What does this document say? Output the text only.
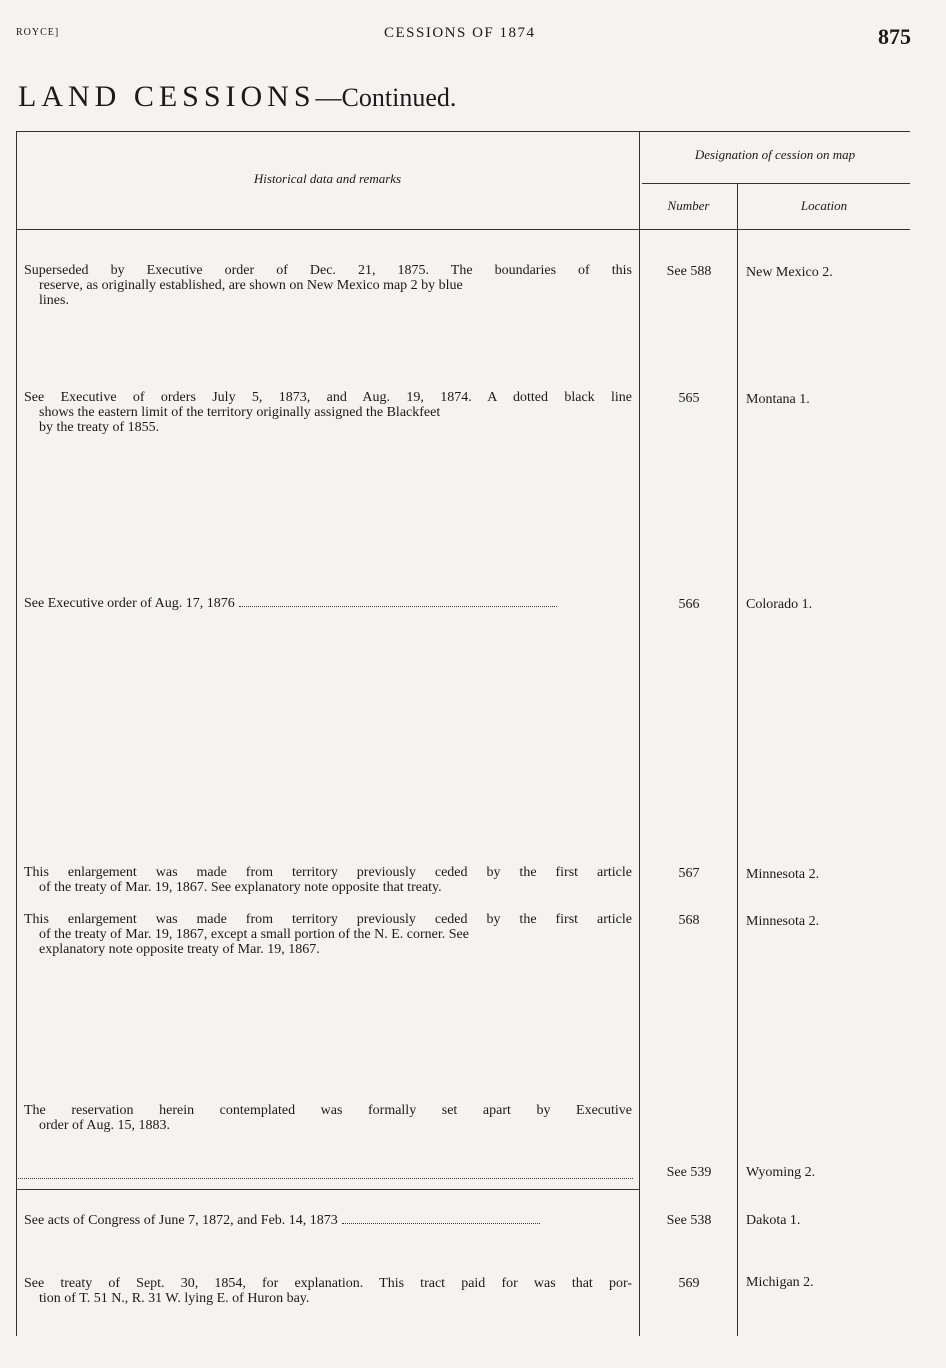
ROYCE]	CESSIONS OF 1874	875
LAND CESSIONS—Continued.
Historical data and remarks
Designation of cession on map
Number	Location
Superseded by Executive order of Dec. 21, 1875. The boundaries of this
reserve, as originally established, are shown on New Mexico map 2 by blue
lines.
See 588	New Mexico 2.
See Executive of orders July 5, 1873, and Aug. 19, 1874. A dotted black line
shows the eastern limit of the territory originally assigned the Blackfeet
by the treaty of 1855.
565	Montana 1.
See Executive order of Aug. 17, 1876	566	Colorado 1.
This enlargement was made from territory previously ceded by the first article
of the treaty of Mar. 19, 1867. See explanatory note opposite that treaty.
567	Minnesota 2.
This enlargement was made from territory previously ceded by the first article
of the treaty of Mar. 19, 1867, except a small portion of the N. E. corner. See
explanatory note opposite treaty of Mar. 19, 1867.
568	Minnesota 2.
The reservation herein contemplated was formally set apart by Executive
order of Aug. 15, 1883.
See 539	Wyoming 2.
See acts of Congress of June 7, 1872, and Feb. 14, 1873	See 538	Dakota 1.
See treaty of Sept. 30, 1854, for explanation. This tract paid for was that por-
tion of T. 51 N., R. 31 W. lying E. of Huron bay.
569	Michigan 2.
